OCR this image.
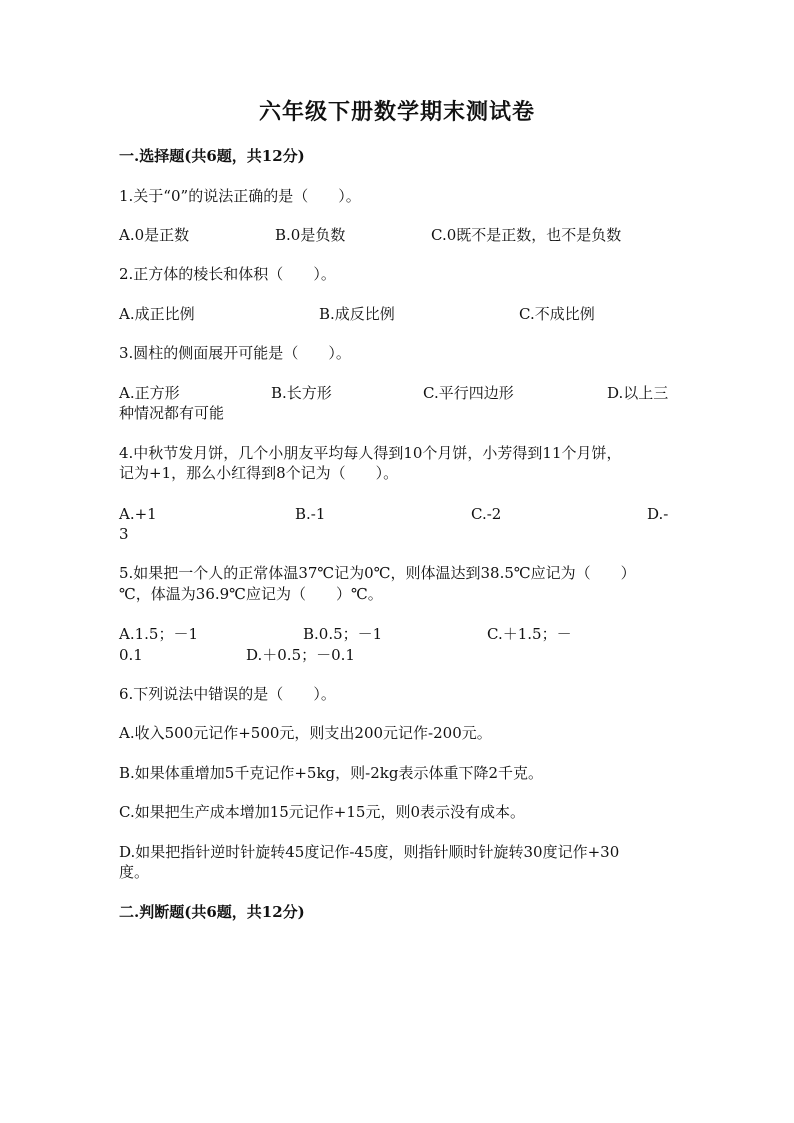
六年级下册数学期末测试卷
一.选择题(共6题，共12分)
1.关于“0”的说法正确的是（　　）。
A.0是正数	B.0是负数	C.0既不是正数，也不是负数
2.正方体的棱长和体积（　　）。
A.成正比例	B.成反比例	C.不成比例
3.圆柱的侧面展开可能是（　　）。
A.正方形	B.长方形	C.平行四边形	D.以上三
种情况都有可能
4.中秋节发月饼，几个小朋友平均每人得到10个月饼，小芳得到11个月饼，
记为+1，那么小红得到8个记为（　　）。
A.+1	B.-1	C.-2	D.-
3
5.如果把一个人的正常体温37℃记为0℃，则体温达到38.5℃应记为（　　）
℃，体温为36.9℃应记为（　　）℃。
A.1.5；－1	B.0.5；－1	C.＋1.5；－
0.1	D.＋0.5；－0.1
6.下列说法中错误的是（　　）。
A.收入500元记作+500元，则支出200元记作-200元。
B.如果体重增加5千克记作+5kg，则-2kg表示体重下降2千克。
C.如果把生产成本增加15元记作+15元，则0表示没有成本。
D.如果把指针逆时针旋转45度记作-45度，则指针顺时针旋转30度记作+30
度。
二.判断题(共6题，共12分)
